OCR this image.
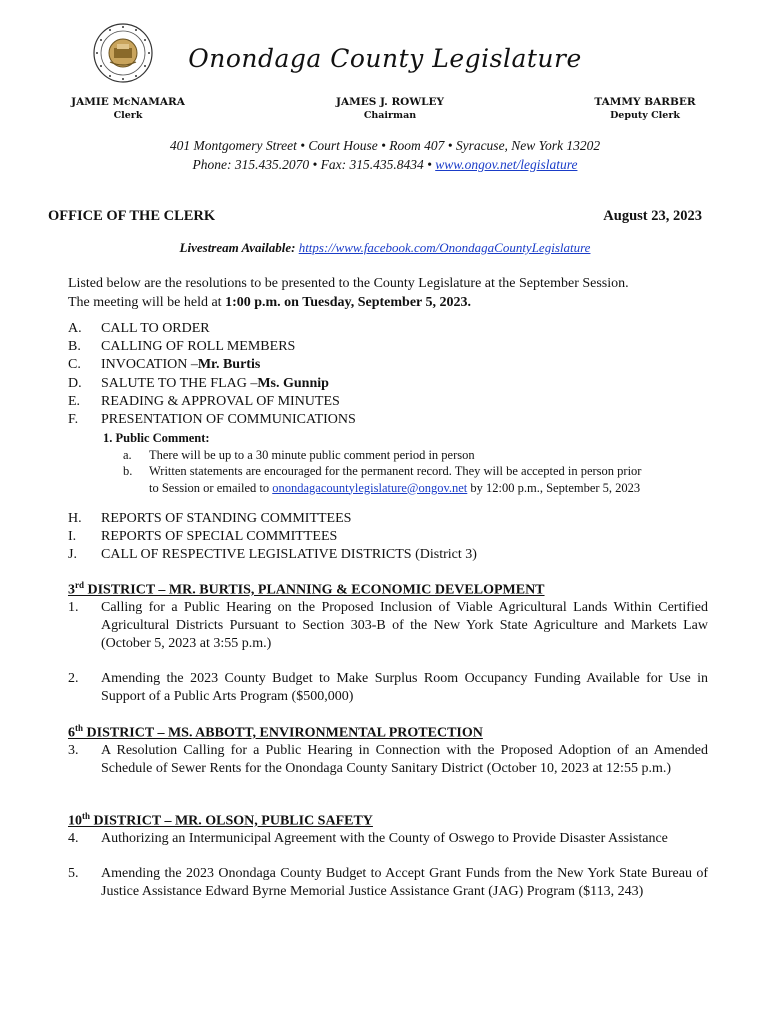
Onondaga County Legislature
JAMIE McNAMARA
Clerk
JAMES J. ROWLEY
Chairman
TAMMY BARBER
Deputy Clerk
401 Montgomery Street • Court House • Room 407 • Syracuse, New York 13202
Phone: 315.435.2070 • Fax: 315.435.8434 • www.ongov.net/legislature
OFFICE OF THE CLERK	August 23, 2023
Livestream Available: https://www.facebook.com/OnondagaCountyLegislature
Listed below are the resolutions to be presented to the County Legislature at the September Session.
The meeting will be held at 1:00 p.m. on Tuesday, September 5, 2023.
A.	CALL TO ORDER
B.	CALLING OF ROLL MEMBERS
C.	INVOCATION – Mr. Burtis
D.	SALUTE TO THE FLAG – Ms. Gunnip
E.	READING & APPROVAL OF MINUTES
F.	PRESENTATION OF COMMUNICATIONS
1. Public Comment:
a.	There will be up to a 30 minute public comment period in person
b.	Written statements are encouraged for the permanent record. They will be accepted in person prior
to Session or emailed to onondagacountylegislature@ongov.net by 12:00 p.m., September 5, 2023
H.	REPORTS OF STANDING COMMITTEES
I.	REPORTS OF SPECIAL COMMITTEES
J.	CALL OF RESPECTIVE LEGISLATIVE DISTRICTS (District 3)
3rd DISTRICT – MR. BURTIS, PLANNING & ECONOMIC DEVELOPMENT
1.	Calling for a Public Hearing on the Proposed Inclusion of Viable Agricultural Lands Within Certified Agricultural Districts Pursuant to Section 303-B of the New York State Agriculture and Markets Law (October 5, 2023 at 3:55 p.m.)
2.	Amending the 2023 County Budget to Make Surplus Room Occupancy Funding Available for Use in Support of a Public Arts Program ($500,000)
6th DISTRICT – MS. ABBOTT, ENVIRONMENTAL PROTECTION
3.	A Resolution Calling for a Public Hearing in Connection with the Proposed Adoption of an Amended Schedule of Sewer Rents for the Onondaga County Sanitary District (October 10, 2023 at 12:55 p.m.)
10th DISTRICT – MR. OLSON, PUBLIC SAFETY
4.	Authorizing an Intermunicipal Agreement with the County of Oswego to Provide Disaster Assistance
5.	Amending the 2023 Onondaga County Budget to Accept Grant Funds from the New York State Bureau of Justice Assistance Edward Byrne Memorial Justice Assistance Grant (JAG) Program ($113, 243)
